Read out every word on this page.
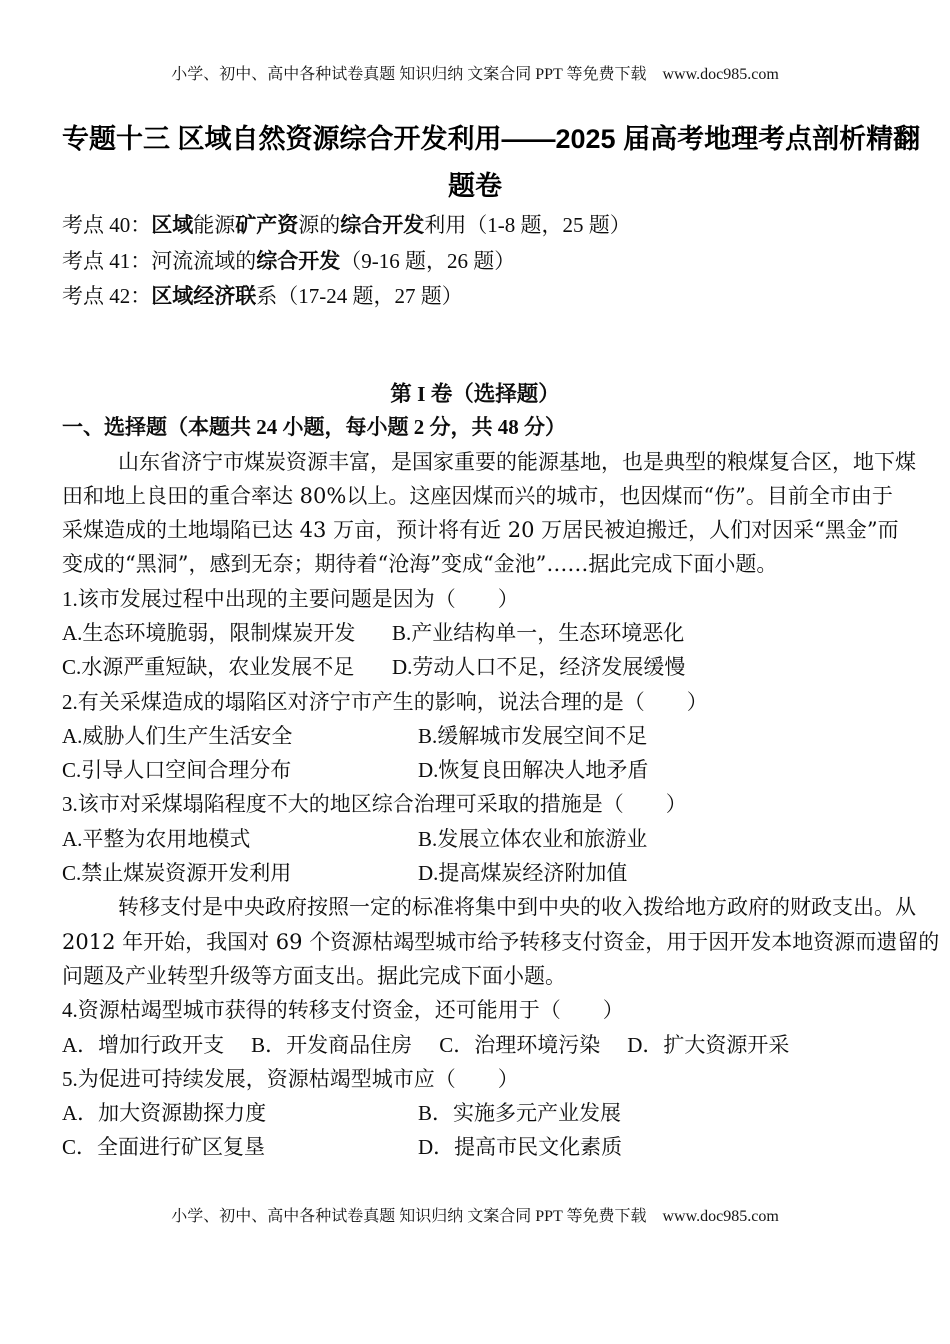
小学、初中、高中各种试卷真题 知识归纳 文案合同 PPT 等免费下载　www.doc985.com
专题十三 区域自然资源综合开发利用——2025 届高考地理考点剖析精翻
题卷
考点 40：区域能源矿产资源的综合开发利用（1-8 题，25 题）
考点 41：河流流域的综合开发（9-16 题，26 题）
考点 42：区域经济联系（17-24 题，27 题）
第 I 卷（选择题）
一、选择题（本题共 24 小题，每小题 2 分，共 48 分）
山东省济宁市煤炭资源丰富，是国家重要的能源基地，也是典型的粮煤复合区，地下煤
田和地上良田的重合率达 80%以上。这座因煤而兴的城市，也因煤而“伤”。目前全市由于
采煤造成的土地塌陷已达 43 万亩，预计将有近 20 万居民被迫搬迁，人们对因采“黑金”而
变成的“黑洞”，感到无奈；期待着“沧海”变成“金池”……据此完成下面小题。
1.该市发展过程中出现的主要问题是因为（　　）
A.生态环境脆弱，限制煤炭开发	B.产业结构单一，生态环境恶化
C.水源严重短缺，农业发展不足	D.劳动人口不足，经济发展缓慢
2.有关采煤造成的塌陷区对济宁市产生的影响，说法合理的是（　　）
A.威胁人们生产生活安全	B.缓解城市发展空间不足
C.引导人口空间合理分布	D.恢复良田解决人地矛盾
3.该市对采煤塌陷程度不大的地区综合治理可采取的措施是（　　）
A.平整为农用地模式	B.发展立体农业和旅游业
C.禁止煤炭资源开发利用	D.提高煤炭经济附加值
转移支付是中央政府按照一定的标准将集中到中央的收入拨给地方政府的财政支出。从
2012 年开始，我国对 69 个资源枯竭型城市给予转移支付资金，用于因开发本地资源而遗留的
问题及产业转型升级等方面支出。据此完成下面小题。
4.资源枯竭型城市获得的转移支付资金，还可能用于（　　）
A．增加行政开支 B．开发商品住房 C．治理环境污染 D．扩大资源开采
5.为促进可持续发展，资源枯竭型城市应（　　）
A．加大资源勘探力度	B．实施多元产业发展
C．全面进行矿区复垦	D．提高市民文化素质
小学、初中、高中各种试卷真题 知识归纳 文案合同 PPT 等免费下载　www.doc985.com
